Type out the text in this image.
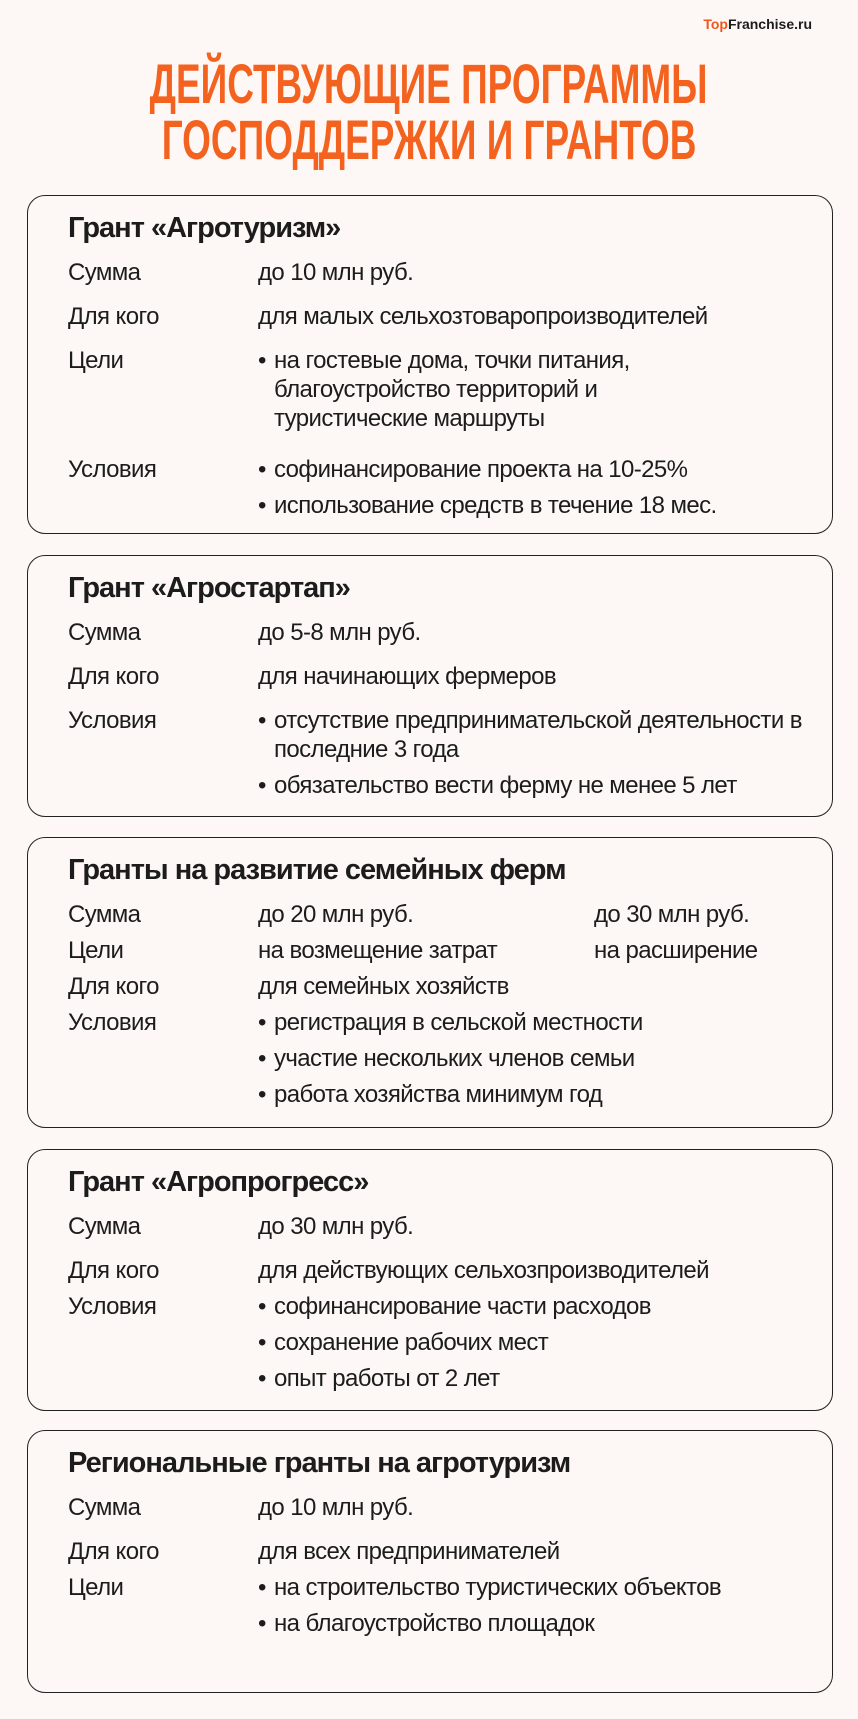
TopFranchise.ru
ДЕЙСТВУЮЩИЕ ПРОГРАММЫ
ГОСПОДДЕРЖКИ И ГРАНТОВ
Грант «Агротуризм»
Сумма	до 10 млн руб.
Для кого	для малых сельхозтоваропроизводителей
Цели	• на гостевые дома, точки питания, благоустройство территорий и туристические маршруты
Условия	• софинансирование проекта на 10-25%
• использование средств в течение 18 мес.
Грант «Агростартап»
Сумма	до 5-8 млн руб.
Для кого	для начинающих фермеров
Условия	• отсутствие предпринимательской деятельности в последние 3 года
• обязательство вести ферму не менее 5 лет
Гранты на развитие семейных ферм
Сумма	до 20 млн руб.	до 30 млн руб.
Цели	на возмещение затрат	на расширение
Для кого	для семейных хозяйств
Условия	• регистрация в сельской местности
• участие нескольких членов семьи
• работа хозяйства минимум год
Грант «Агропрогресс»
Сумма	до 30 млн руб.
Для кого	для действующих сельхозпроизводителей
Условия	• софинансирование части расходов
• сохранение рабочих мест
• опыт работы от 2 лет
Региональные гранты на агротуризм
Сумма	до 10 млн руб.
Для кого	для всех предпринимателей
Цели	• на строительство туристических объектов
• на благоустройство площадок
